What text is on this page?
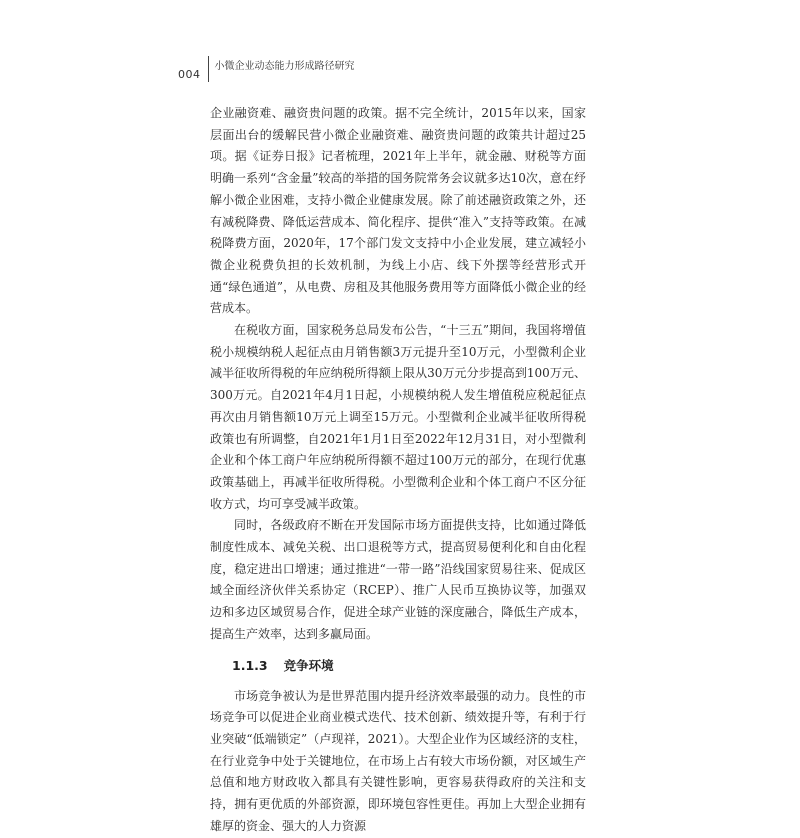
004
小微企业动态能力形成路径研究

企业融资难、融资贵问题的政策。据不完全统计，2015年以来，国家层面出台的缓解民营小微企业融资难、融资贵问题的政策共计超过25项。据《证券日报》记者梳理，2021年上半年，就金融、财税等方面明确一系列“含金量”较高的举措的国务院常务会议就多达10次，意在纾解小微企业困难，支持小微企业健康发展。除了前述融资政策之外，还有减税降费、降低运营成本、简化程序、提供“准入”支持等政策。在减税降费方面，2020年，17个部门发文支持中小企业发展，建立减轻小微企业税费负担的长效机制，为线上小店、线下外摆等经营形式开通“绿色通道”，从电费、房租及其他服务费用等方面降低小微企业的经营成本。

在税收方面，国家税务总局发布公告，“十三五”期间，我国将增值税小规模纳税人起征点由月销售额3万元提升至10万元，小型微利企业减半征收所得税的年应纳税所得额上限从30万元分步提高到100万元、300万元。自2021年4月1日起，小规模纳税人发生增值税应税起征点再次由月销售额10万元上调至15万元。小型微利企业减半征收所得税政策也有所调整，自2021年1月1日至2022年12月31日，对小型微利企业和个体工商户年应纳税所得额不超过100万元的部分，在现行优惠政策基础上，再减半征收所得税。小型微利企业和个体工商户不区分征收方式，均可享受减半政策。

同时，各级政府不断在开发国际市场方面提供支持，比如通过降低制度性成本、减免关税、出口退税等方式，提高贸易便利化和自由化程度，稳定进出口增速；通过推进“一带一路”沿线国家贸易往来、促成区域全面经济伙伴关系协定（RCEP）、推广人民币互换协议等，加强双边和多边区域贸易合作，促进全球产业链的深度融合，降低生产成本，提高生产效率，达到多赢局面。

1.1.3 竞争环境

市场竞争被认为是世界范围内提升经济效率最强的动力。良性的市场竞争可以促进企业商业模式迭代、技术创新、绩效提升等，有利于行业突破“低端锁定”（卢现祥，2021）。大型企业作为区域经济的支柱，在行业竞争中处于关键地位，在市场上占有较大市场份额，对区域生产总值和地方财政收入都具有关键性影响，更容易获得政府的关注和支持，拥有更优质的外部资源，即环境包容性更佳。再加上大型企业拥有雄厚的资金、强大的人力资源
